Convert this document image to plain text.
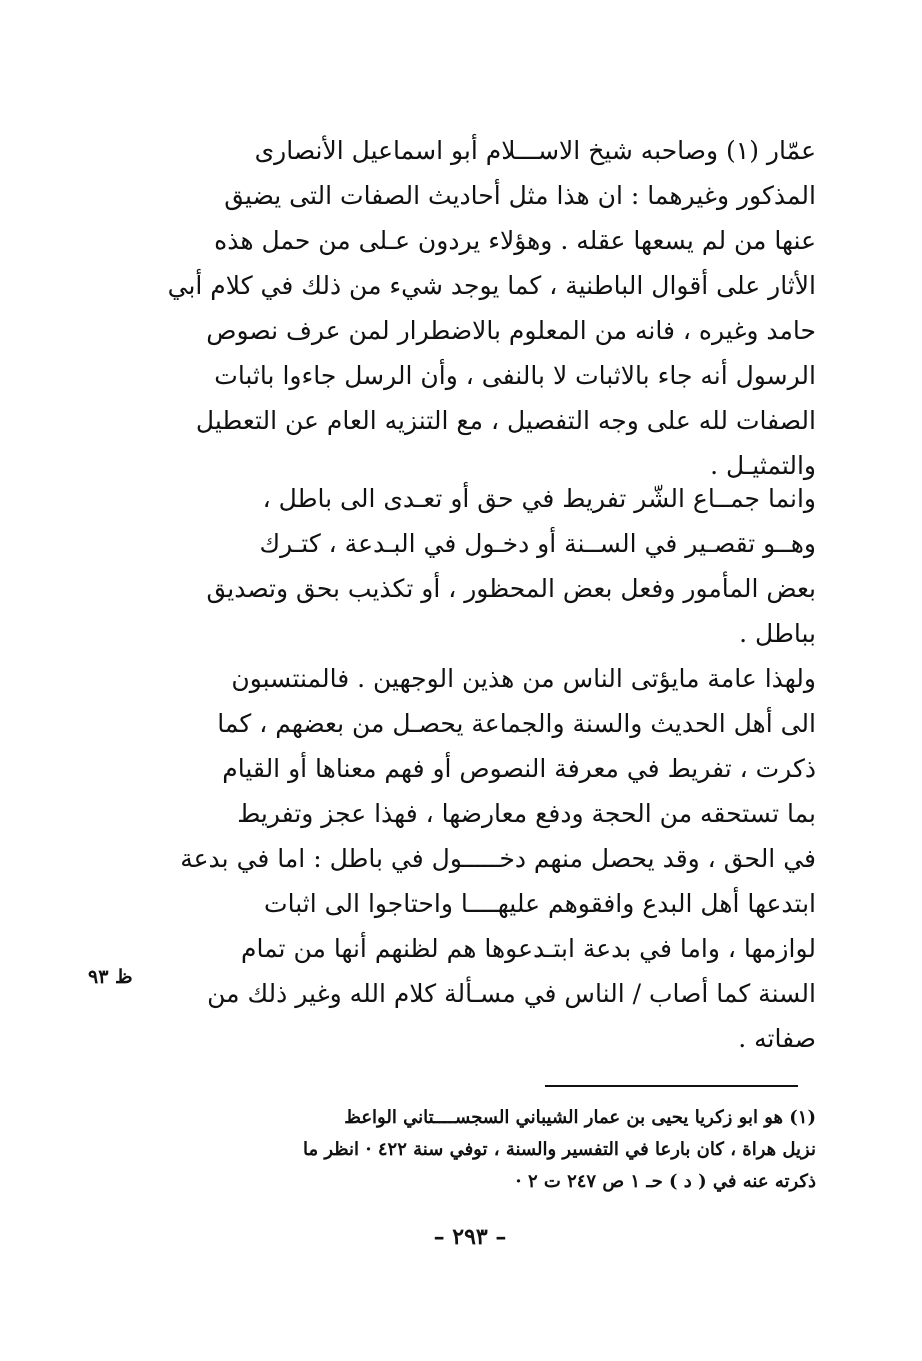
عمّار (١) وصاحبه شيخ الاســـلام أبو اسماعيل الأنصارى
المذكور وغيرهما : ان هذا مثل أحاديث الصفات التى يضيق
عنها من لم يسعها عقله . وهؤلاء يردون عـلى من حمل هذه
الأثار على أقوال الباطنية ، كما يوجد شيء من ذلك في كلام أبي
حامد وغيره ، فانه من المعلوم بالاضطرار لمن عرف نصوص
الرسول أنه جاء بالاثبات لا بالنفى ، وأن الرسل جاءوا باثبات
الصفات لله على وجه التفصيل ، مع التنزيه العام عن التعطيل
والتمثيـل .
وانما جمــاع الشّر تفريط في حق أو تعـدى الى باطل ،
وهــو تقصـير في الســنة أو دخـول في البـدعة ، كتـرك
بعض المأمور وفعل بعض المحظور ، أو تكذيب بحق وتصديق
بباطل .
ولهذا عامة مايؤتى الناس من هذين الوجهين . فالمنتسبون
الى أهل الحديث والسنة والجماعة يحصـل من بعضهم ، كما
ذكرت ، تفريط في معرفة النصوص أو فهم معناها أو القيام
بما تستحقه من الحجة ودفع معارضها ، فهذا عجز وتفريط
في الحق ، وقد يحصل منهم دخـــــول في باطل : اما في بدعة
ابتدعها أهل البدع وافقوهم عليهــــا واحتاجوا الى اثبات
لوازمها ، واما في بدعة ابتـدعوها هم لظنهم أنها من تمام
السنة كما أصاب / الناس في مسـألة كلام الله وغير ذلك من
صفاته .
ظ ٩٣
(١) هو ابو زكريا يحيى بن عمار الشيباني السجســــتاني الواعظ
نزيل هراة ، كان بارعا في التفسير والسنة ، توفي سنة ٤٢٢ · انظر ما
ذكرته عنه في ( د ) حـ ١ ص ٢٤٧ ت ٢ ·
– ٢٩٣ –
